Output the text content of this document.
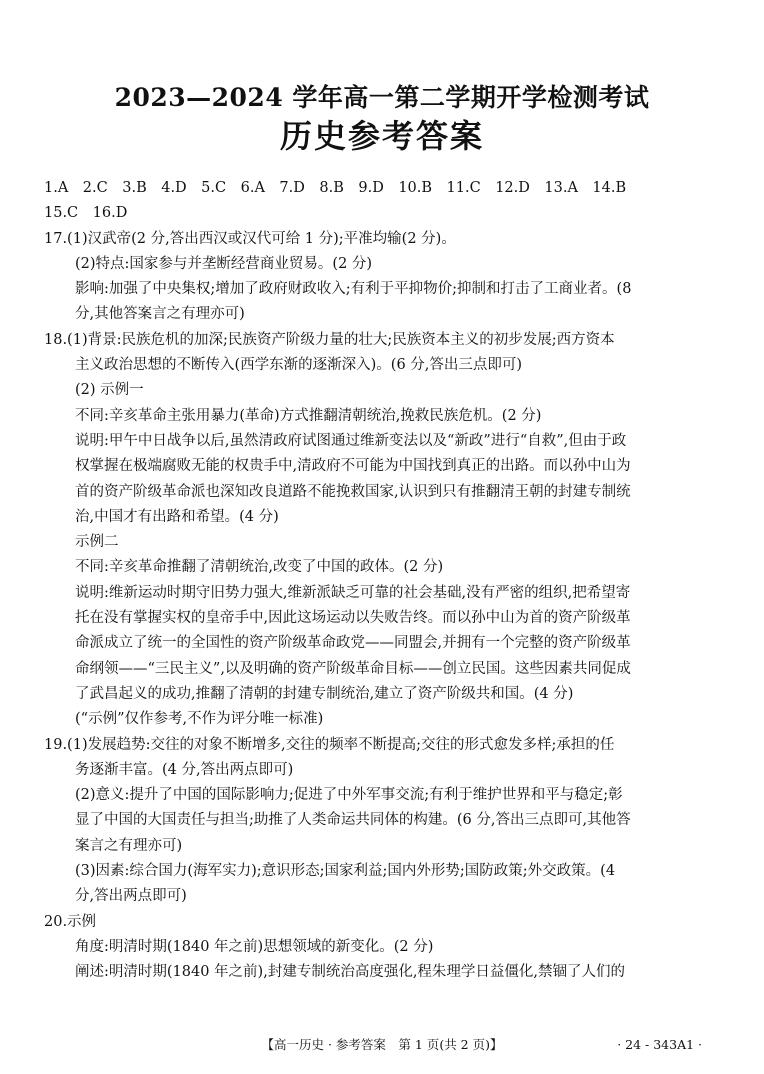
2023—2024 学年高一第二学期开学检测考试
历史参考答案
1.A　2.C　3.B　4.D　5.C　6.A　7.D　8.B　9.D　10.B　11.C　12.D　13.A　14.B
15.C　16.D
17.(1)汉武帝(2 分,答出西汉或汉代可给 1 分);平准均输(2 分)。
(2)特点:国家参与并垄断经营商业贸易。(2 分)
影响:加强了中央集权;增加了政府财政收入;有利于平抑物价;抑制和打击了工商业者。(8
分,其他答案言之有理亦可)
18.(1)背景:民族危机的加深;民族资产阶级力量的壮大;民族资本主义的初步发展;西方资本
主义政治思想的不断传入(西学东渐的逐渐深入)。(6 分,答出三点即可)
(2) 示例一
不同:辛亥革命主张用暴力(革命)方式推翻清朝统治,挽救民族危机。(2 分)
说明:甲午中日战争以后,虽然清政府试图通过维新变法以及“新政”进行“自救”,但由于政
权掌握在极端腐败无能的权贵手中,清政府不可能为中国找到真正的出路。而以孙中山为
首的资产阶级革命派也深知改良道路不能挽救国家,认识到只有推翻清王朝的封建专制统
治,中国才有出路和希望。(4 分)
示例二
不同:辛亥革命推翻了清朝统治,改变了中国的政体。(2 分)
说明:维新运动时期守旧势力强大,维新派缺乏可靠的社会基础,没有严密的组织,把希望寄
托在没有掌握实权的皇帝手中,因此这场运动以失败告终。而以孙中山为首的资产阶级革
命派成立了统一的全国性的资产阶级革命政党——同盟会,并拥有一个完整的资产阶级革
命纲领——“三民主义”,以及明确的资产阶级革命目标——创立民国。这些因素共同促成
了武昌起义的成功,推翻了清朝的封建专制统治,建立了资产阶级共和国。(4 分)
(“示例”仅作参考,不作为评分唯一标准)
19.(1)发展趋势:交往的对象不断增多,交往的频率不断提高;交往的形式愈发多样;承担的任
务逐渐丰富。(4 分,答出两点即可)
(2)意义:提升了中国的国际影响力;促进了中外军事交流;有利于维护世界和平与稳定;彰
显了中国的大国责任与担当;助推了人类命运共同体的构建。(6 分,答出三点即可,其他答
案言之有理亦可)
(3)因素:综合国力(海军实力);意识形态;国家利益;国内外形势;国防政策;外交政策。(4
分,答出两点即可)
20.示例
角度:明清时期(1840 年之前)思想领域的新变化。(2 分)
阐述:明清时期(1840 年之前),封建专制统治高度强化,程朱理学日益僵化,禁锢了人们的
【高一历史 · 参考答案　第 1 页(共 2 页)】	· 24 - 343A1 ·
